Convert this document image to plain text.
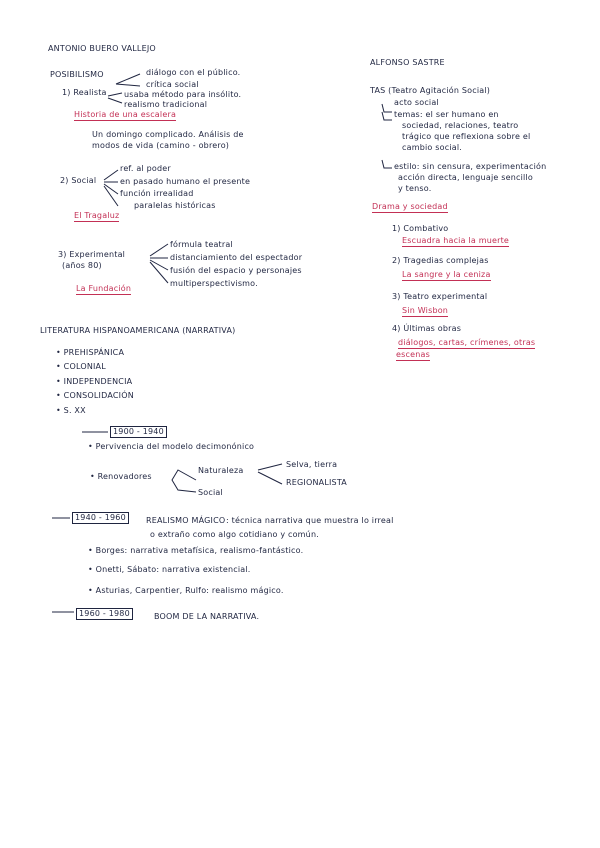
ANTONIO BUERO VALLEJO
POSIBILISMO	diálogo con el público.
crítica social
1) Realista usaba método para insólito.
realismo tradicional
Historia de una escalera
Un domingo complicado. Análisis de
modos de vida (camino - obrero)
2) Social
ref. al poder
en pasado humano el presente
función irrealidad
paralelas históricas
El Tragaluz
3) Experimental
(años 80)
fórmula teatral
distanciamiento del espectador
fusión del espacio y personajes
multiperspectivismo.
La Fundación
LITERATURA HISPANOAMERICANA (NARRATIVA)
• PREHISPÁNICA
• COLONIAL
• INDEPENDENCIA
• CONSOLIDACIÓN
• S. XX
1900 - 1940
• Pervivencia del modelo decimonónico
• Renovadores
Naturaleza
Social
Selva, tierra
REGIONALISTA
1940 - 1960	REALISMO MÁGICO : técnica narrativa que muestra lo irreal
o extraño como algo cotidiano y común.
• Borges: narrativa metafísica, realismo-fantástico.
• Onetti, Sábato: narrativa existencial.
• Asturias, Carpentier, Rulfo: realismo mágico.
1960 - 1980	BOOM DE LA NARRATIVA.
ALFONSO SASTRE
TAS (Teatro Agitación Social)
acto social
temas: el ser humano en
sociedad, relaciones, teatro
trágico que reflexiona sobre el
cambio social.
estilo: sin censura, experimentación
acción directa, lenguaje sencillo
y tenso.
Drama y sociedad
1) Combativo
Escuadra hacia la muerte
2) Tragedias complejas
La sangre y la ceniza
3) Teatro experimental
Sin Wisbon
4) Últimas obras
diálogos, cartas, crímenes, otras
escenas
